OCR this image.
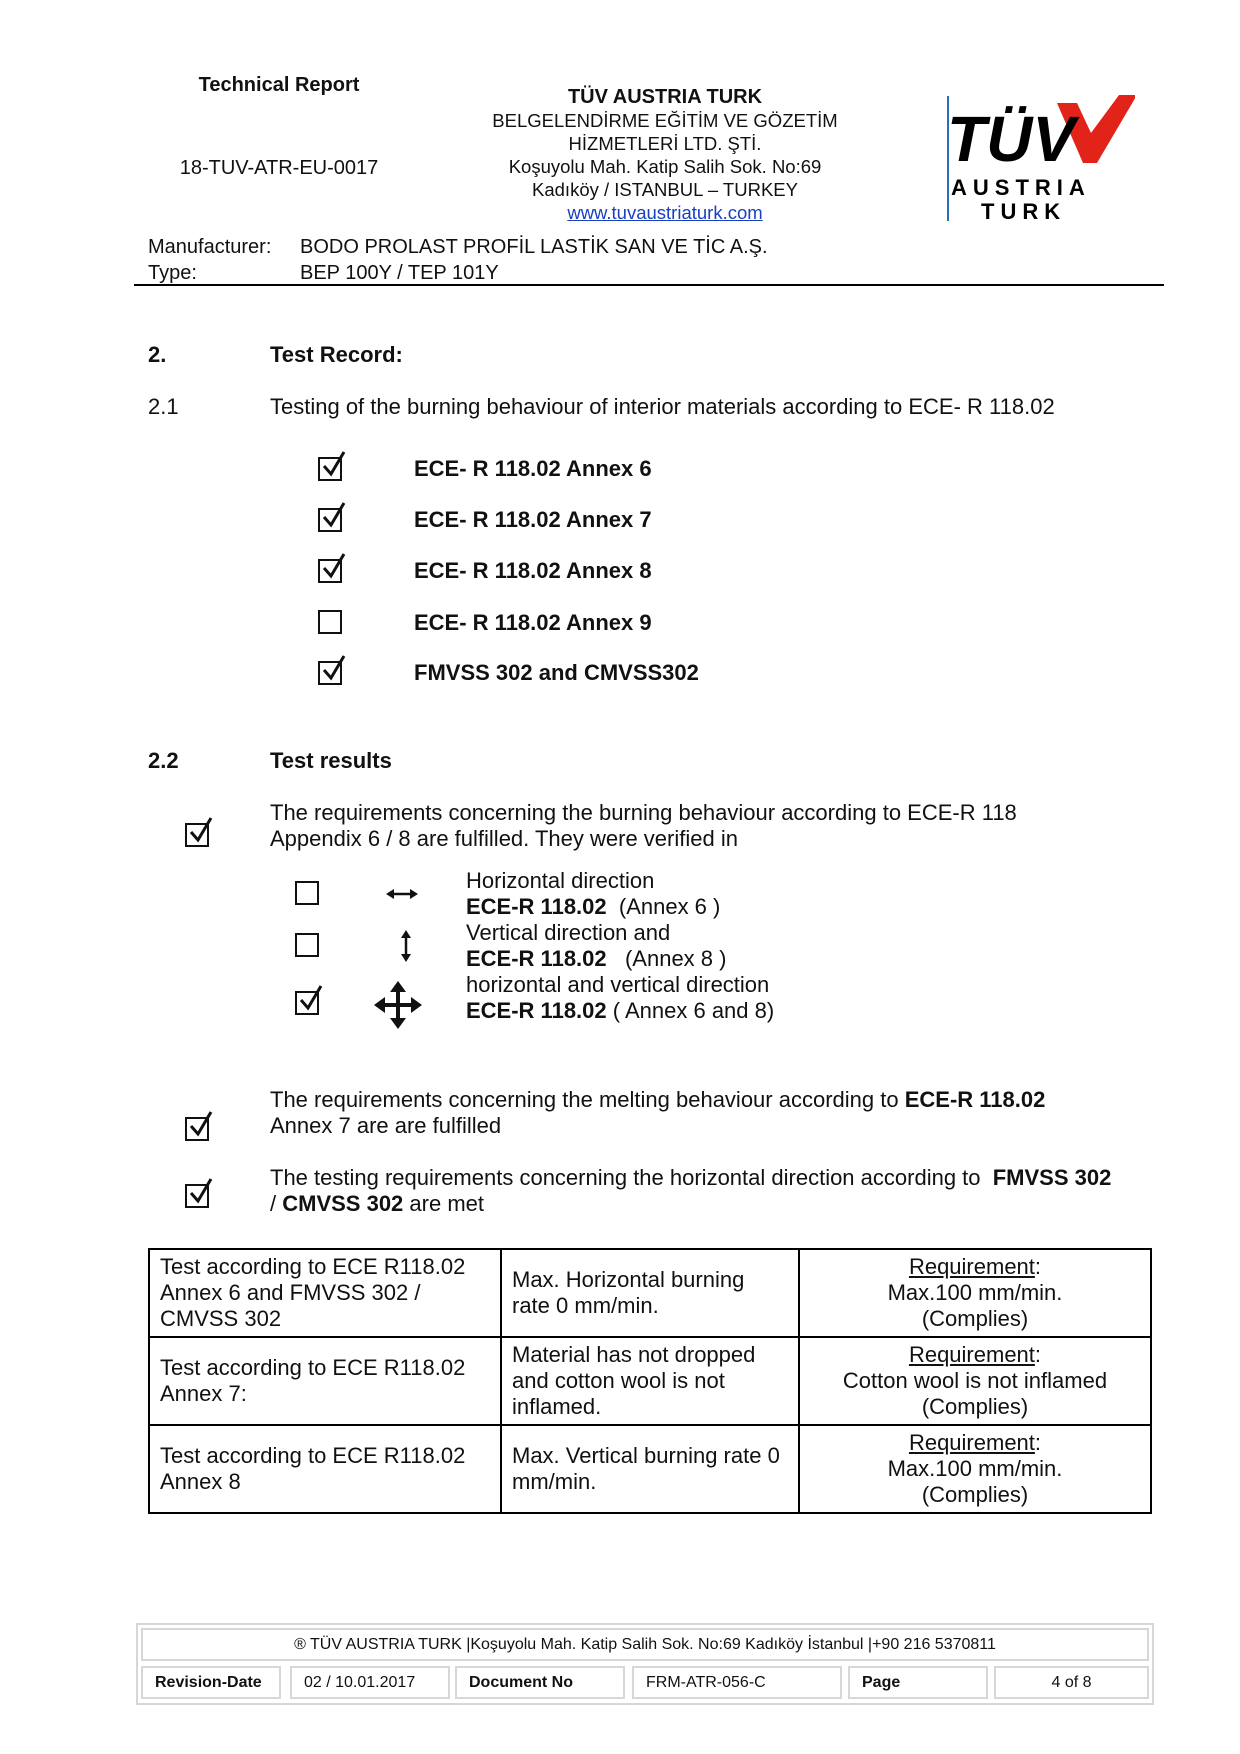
Technical Report
18-TUV-ATR-EU-0017
TÜV AUSTRIA TURK
BELGELENDİRME EĞİTİM VE GÖZETİM
HİZMETLERİ LTD. ŞTİ.
Koşuyolu Mah. Katip Salih Sok. No:69
Kadıköy / ISTANBUL – TURKEY
www.tuvaustriaturk.com
TÜV
AUSTRIA
TURK
Manufacturer: BODO PROLAST PROFİL LASTİK SAN VE TİC A.Ş.
Type:	BEP 100Y / TEP 101Y
2.	Test Record:
2.1	Testing of the burning behaviour of interior materials according to ECE- R 118.02
ECE- R 118.02 Annex 6
ECE- R 118.02 Annex 7
ECE- R 118.02 Annex 8
ECE- R 118.02 Annex 9
FMVSS 302 and CMVSS302
2.2	Test results
The requirements concerning the burning behaviour according to ECE-R 118
Appendix 6 / 8 are fulfilled. They were verified in
Horizontal direction
ECE-R 118.02  (Annex 6 )
Vertical direction and
ECE-R 118.02   (Annex 8 )
horizontal and vertical direction
ECE-R 118.02 ( Annex 6 and 8)
The requirements concerning the melting behaviour according to ECE-R 118.02
Annex 7 are are fulfilled
The testing requirements concerning the horizontal direction according to  FMVSS 302
/ CMVSS 302 are met
Test according to ECE R118.02 Annex 6 and FMVSS 302 / CMVSS 302	Max. Horizontal burning rate 0 mm/min.	Requirement:
Max.100 mm/min.
(Complies)

Test according to ECE R118.02 Annex 7:	Material has not dropped and cotton wool is not inflamed.	Requirement:
Cotton wool is not inflamed
(Complies)

Test according to ECE R118.02 Annex 8	Max. Vertical burning rate 0 mm/min.	Requirement:
Max.100 mm/min.
(Complies)
® TÜV AUSTRIA TURK |Koşuyolu Mah. Katip Salih Sok. No:69 Kadıköy İstanbul |+90 216 5370811
Revision-Date	02 / 10.01.2017	Document No	FRM-ATR-056-C	Page	4 of 8
